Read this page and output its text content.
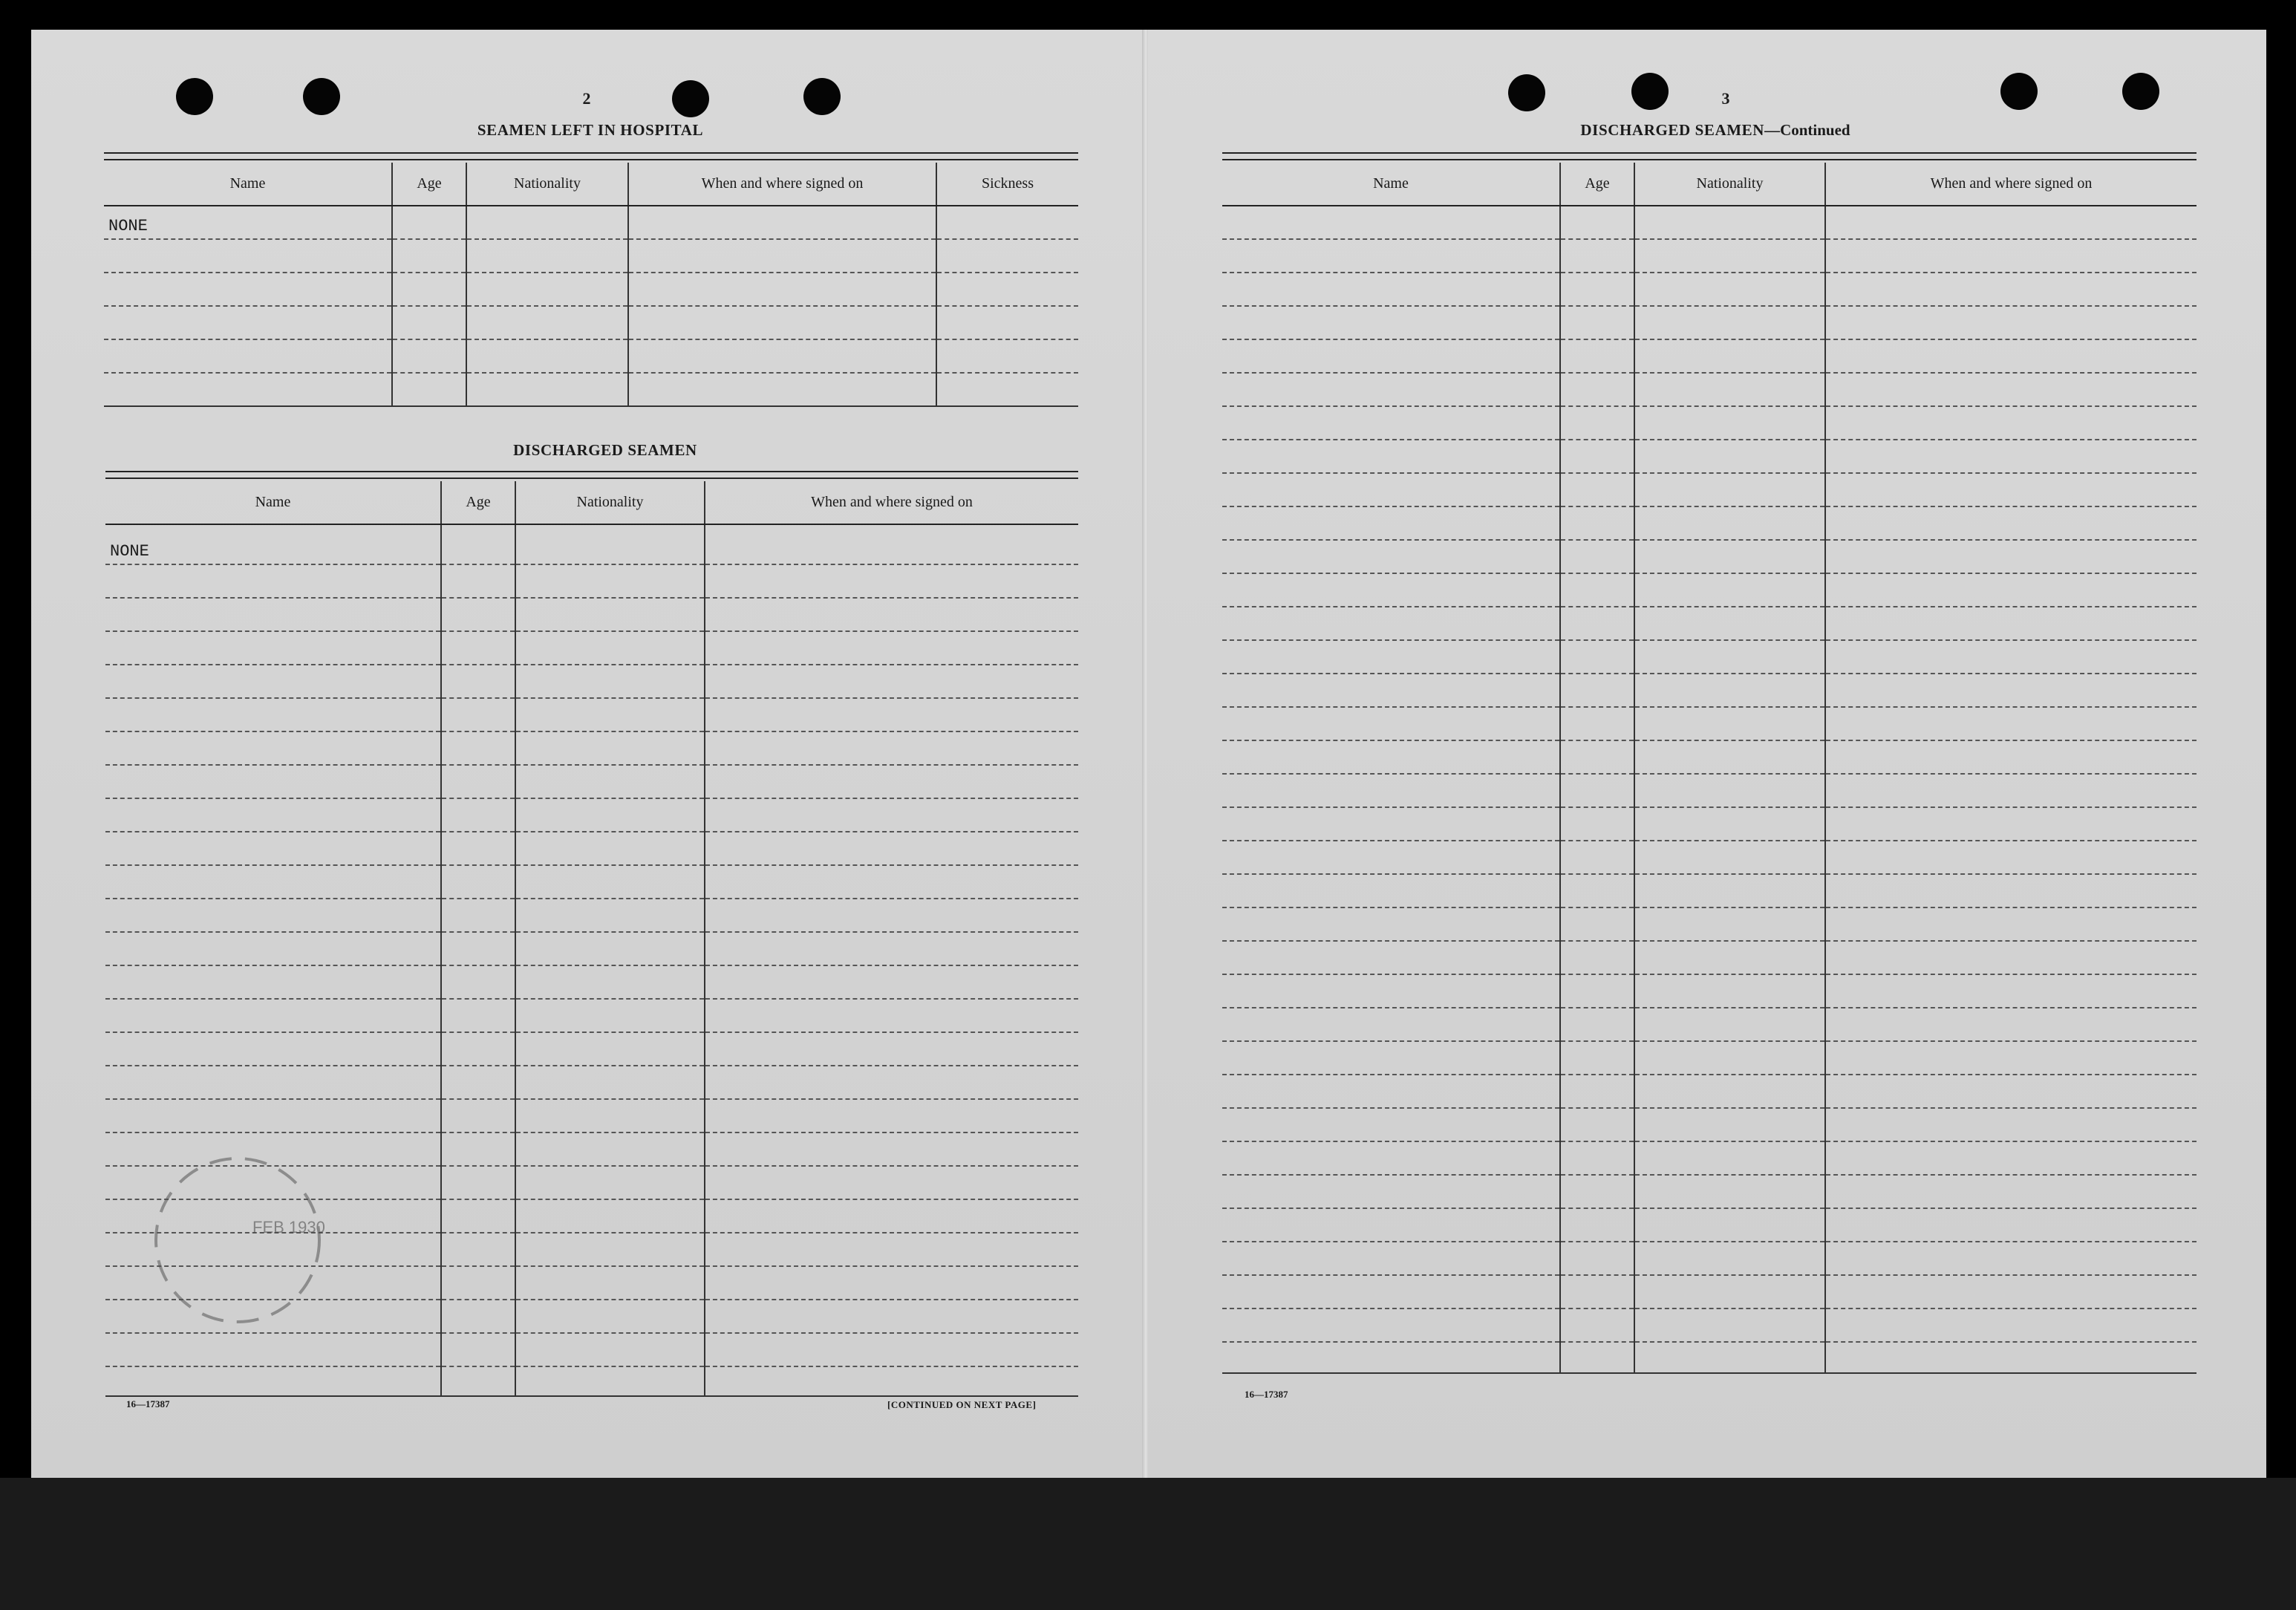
2
SEAMEN LEFT IN HOSPITAL
Name	Age	Nationality	When and where signed on	Sickness
NONE				

DISCHARGED SEAMEN
Name	Age	Nationality	When and where signed on
NONE			

16—17387	[CONTINUED ON NEXT PAGE]
FEB 1930
3
DISCHARGED SEAMEN—Continued
Name	Age	Nationality	When and where signed on

16—17387
